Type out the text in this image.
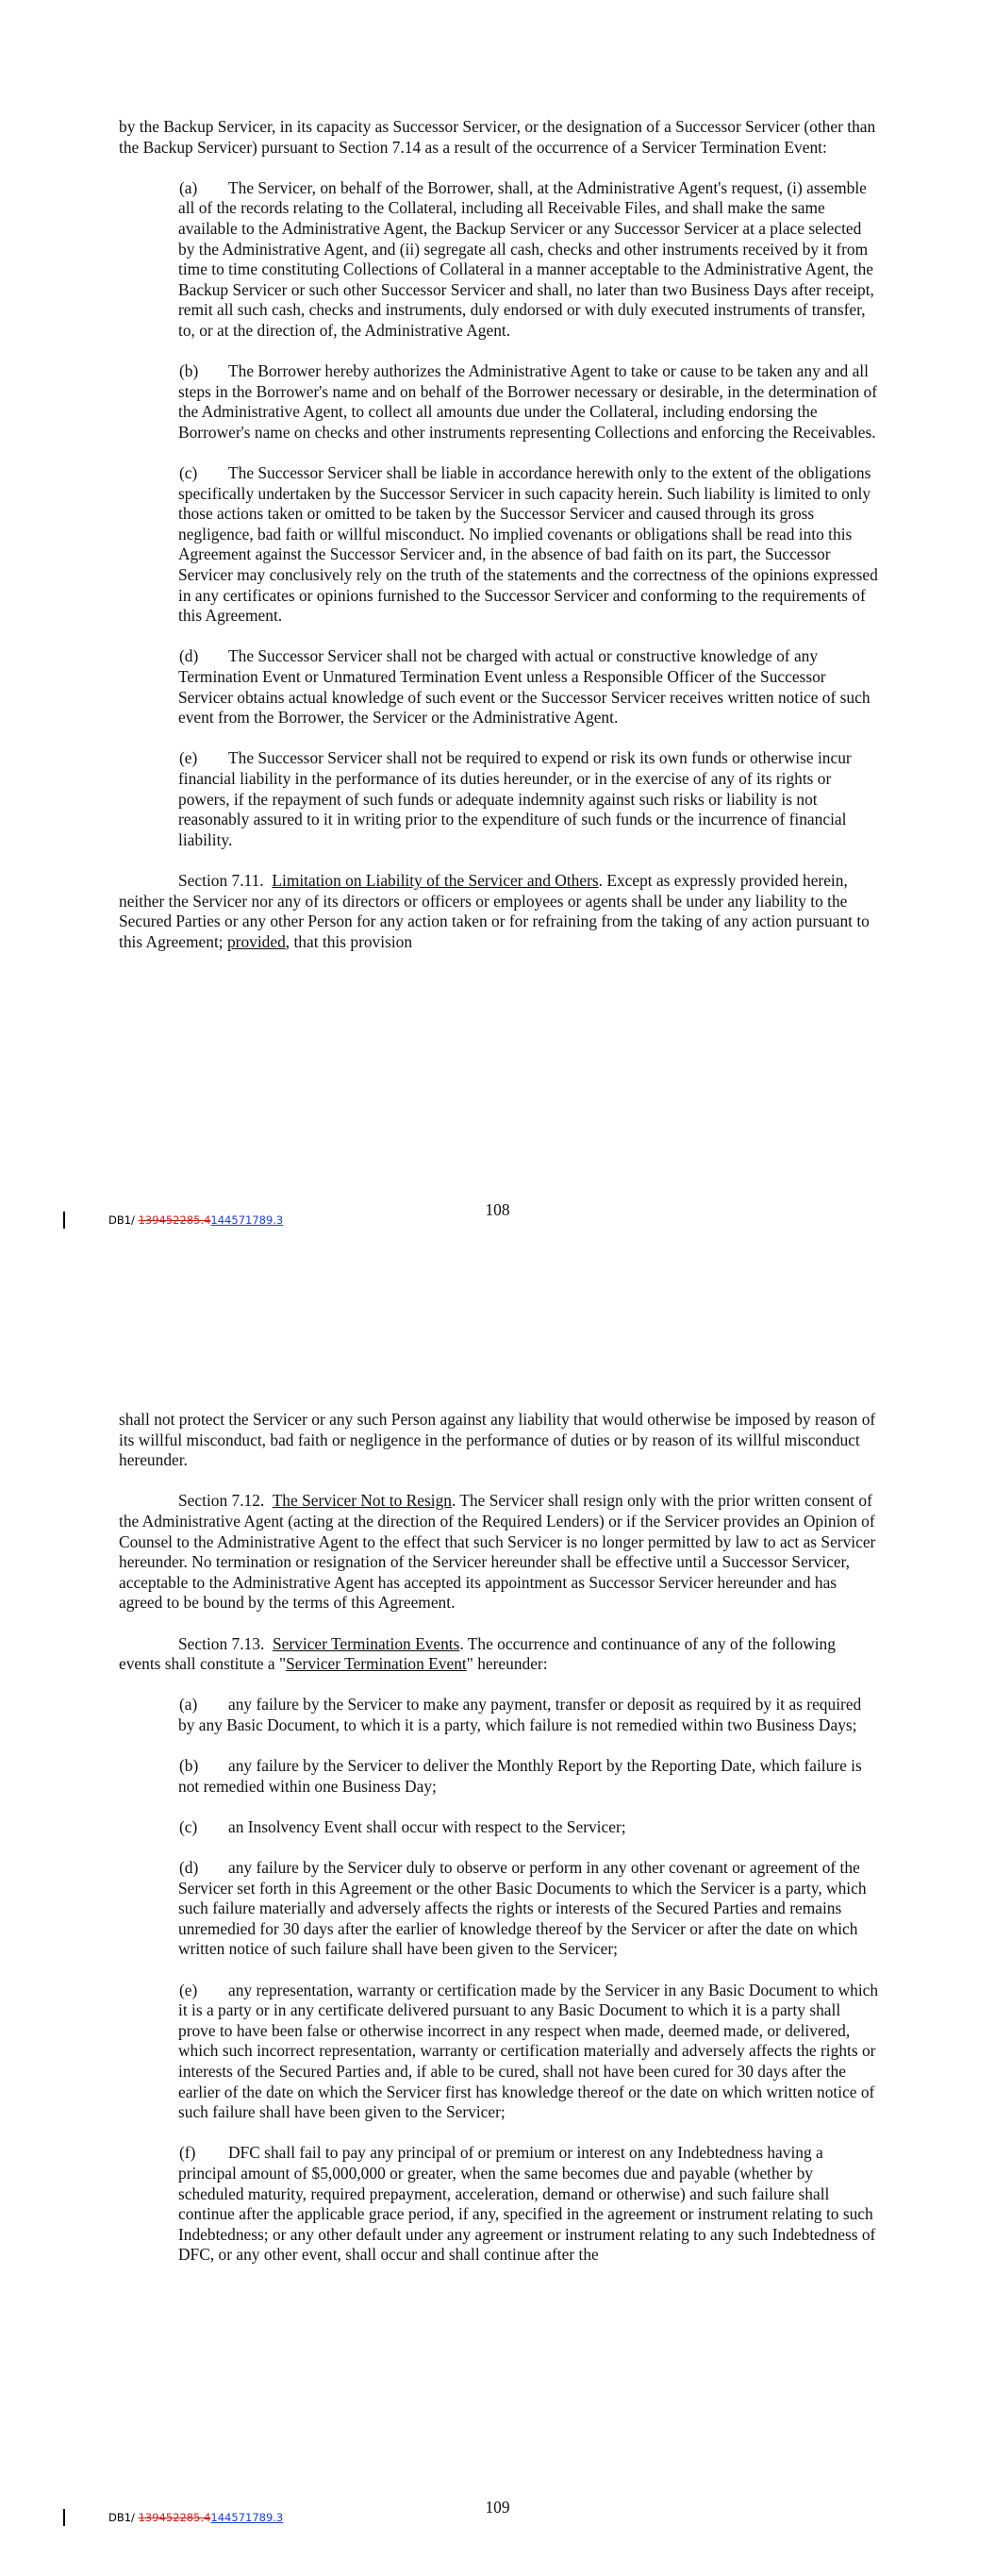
by the Backup Servicer, in its capacity as Successor Servicer, or the designation of a Successor Servicer (other than the Backup Servicer) pursuant to Section 7.14 as a result of the occurrence of a Servicer Termination Event:

(a) The Servicer, on behalf of the Borrower, shall, at the Administrative Agent's request, (i) assemble all of the records relating to the Collateral, including all Receivable Files, and shall make the same available to the Administrative Agent, the Backup Servicer or any Successor Servicer at a place selected by the Administrative Agent, and (ii) segregate all cash, checks and other instruments received by it from time to time constituting Collections of Collateral in a manner acceptable to the Administrative Agent, the Backup Servicer or such other Successor Servicer and shall, no later than two Business Days after receipt, remit all such cash, checks and instruments, duly endorsed or with duly executed instruments of transfer, to, or at the direction of, the Administrative Agent.

(b) The Borrower hereby authorizes the Administrative Agent to take or cause to be taken any and all steps in the Borrower's name and on behalf of the Borrower necessary or desirable, in the determination of the Administrative Agent, to collect all amounts due under the Collateral, including endorsing the Borrower's name on checks and other instruments representing Collections and enforcing the Receivables.

(c) The Successor Servicer shall be liable in accordance herewith only to the extent of the obligations specifically undertaken by the Successor Servicer in such capacity herein. Such liability is limited to only those actions taken or omitted to be taken by the Successor Servicer and caused through its gross negligence, bad faith or willful misconduct. No implied covenants or obligations shall be read into this Agreement against the Successor Servicer and, in the absence of bad faith on its part, the Successor Servicer may conclusively rely on the truth of the statements and the correctness of the opinions expressed in any certificates or opinions furnished to the Successor Servicer and conforming to the requirements of this Agreement.

(d) The Successor Servicer shall not be charged with actual or constructive knowledge of any Termination Event or Unmatured Termination Event unless a Responsible Officer of the Successor Servicer obtains actual knowledge of such event or the Successor Servicer receives written notice of such event from the Borrower, the Servicer or the Administrative Agent.

(e) The Successor Servicer shall not be required to expend or risk its own funds or otherwise incur financial liability in the performance of its duties hereunder, or in the exercise of any of its rights or powers, if the repayment of such funds or adequate indemnity against such risks or liability is not reasonably assured to it in writing prior to the expenditure of such funds or the incurrence of financial liability.

Section 7.11. Limitation on Liability of the Servicer and Others. Except as expressly provided herein, neither the Servicer nor any of its directors or officers or employees or agents shall be under any liability to the Secured Parties or any other Person for any action taken or for refraining from the taking of any action pursuant to this Agreement; provided, that this provision

108
DB1/ 139452285.4144571789.3

shall not protect the Servicer or any such Person against any liability that would otherwise be imposed by reason of its willful misconduct, bad faith or negligence in the performance of duties or by reason of its willful misconduct hereunder.

Section 7.12. The Servicer Not to Resign. The Servicer shall resign only with the prior written consent of the Administrative Agent (acting at the direction of the Required Lenders) or if the Servicer provides an Opinion of Counsel to the Administrative Agent to the effect that such Servicer is no longer permitted by law to act as Servicer hereunder. No termination or resignation of the Servicer hereunder shall be effective until a Successor Servicer, acceptable to the Administrative Agent has accepted its appointment as Successor Servicer hereunder and has agreed to be bound by the terms of this Agreement.

Section 7.13. Servicer Termination Events. The occurrence and continuance of any of the following events shall constitute a "Servicer Termination Event" hereunder:

(a) any failure by the Servicer to make any payment, transfer or deposit as required by it as required by any Basic Document, to which it is a party, which failure is not remedied within two Business Days;

(b) any failure by the Servicer to deliver the Monthly Report by the Reporting Date, which failure is not remedied within one Business Day;

(c) an Insolvency Event shall occur with respect to the Servicer;

(d) any failure by the Servicer duly to observe or perform in any other covenant or agreement of the Servicer set forth in this Agreement or the other Basic Documents to which the Servicer is a party, which such failure materially and adversely affects the rights or interests of the Secured Parties and remains unremedied for 30 days after the earlier of knowledge thereof by the Servicer or after the date on which written notice of such failure shall have been given to the Servicer;

(e) any representation, warranty or certification made by the Servicer in any Basic Document to which it is a party or in any certificate delivered pursuant to any Basic Document to which it is a party shall prove to have been false or otherwise incorrect in any respect when made, deemed made, or delivered, which such incorrect representation, warranty or certification materially and adversely affects the rights or interests of the Secured Parties and, if able to be cured, shall not have been cured for 30 days after the earlier of the date on which the Servicer first has knowledge thereof or the date on which written notice of such failure shall have been given to the Servicer;

(f) DFC shall fail to pay any principal of or premium or interest on any Indebtedness having a principal amount of $5,000,000 or greater, when the same becomes due and payable (whether by scheduled maturity, required prepayment, acceleration, demand or otherwise) and such failure shall continue after the applicable grace period, if any, specified in the agreement or instrument relating to such Indebtedness; or any other default under any agreement or instrument relating to any such Indebtedness of DFC, or any other event, shall occur and shall continue after the

109
DB1/ 139452285.4144571789.3
